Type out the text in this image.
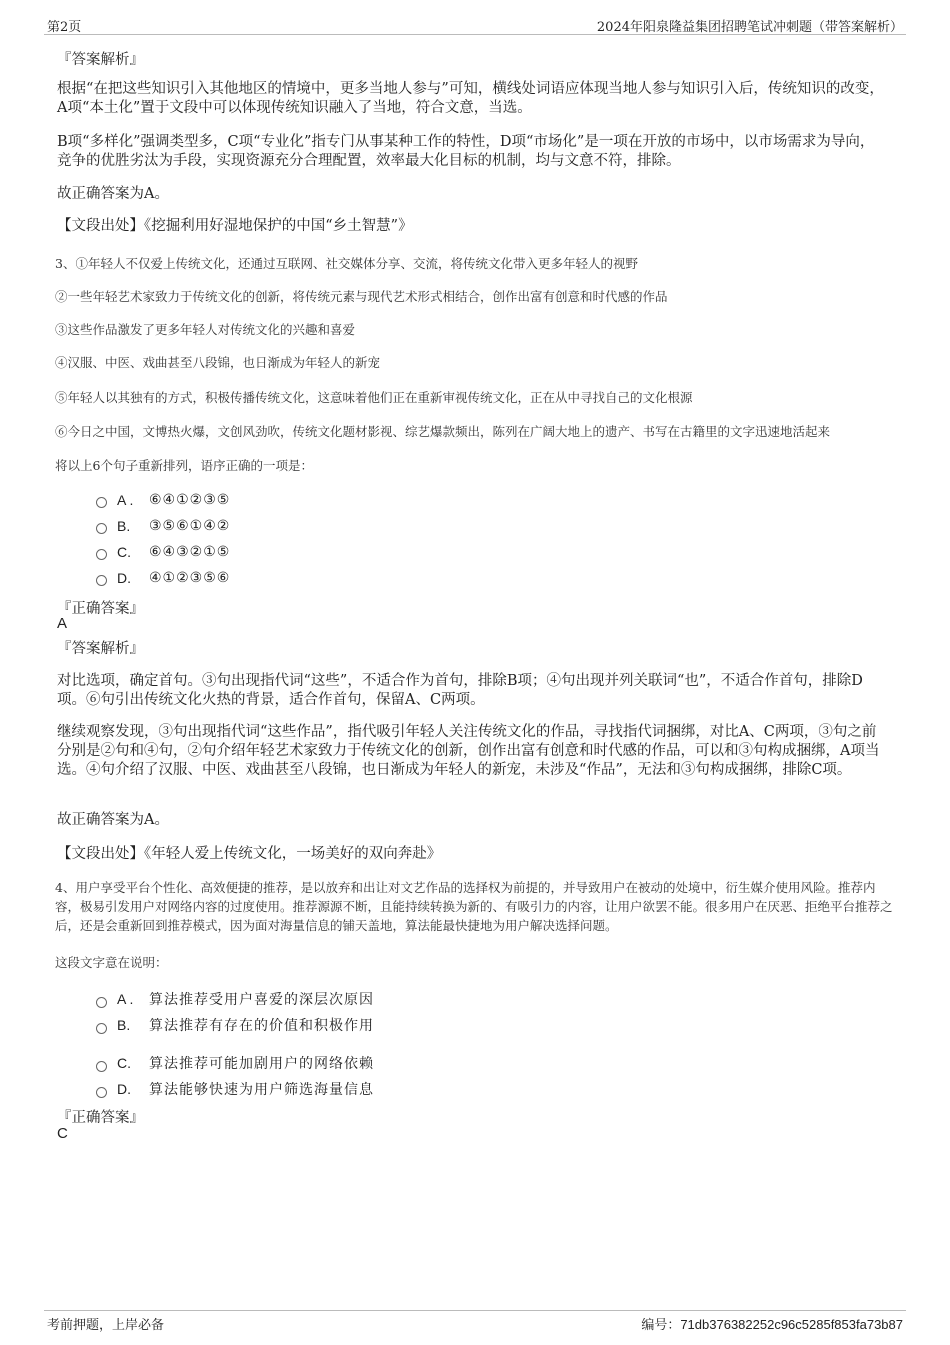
第2页	2024年阳泉隆益集团招聘笔试冲刺题（带答案解析）
『答案解析』
根据“在把这些知识引入其他地区的情境中，更多当地人参与”可知，横线处词语应体现当地人参与知识引入后，传统知识的改变，A项“本土化”置于文段中可以体现传统知识融入了当地，符合文意，当选。
B项“多样化”强调类型多，C项“专业化”指专门从事某种工作的特性，D项“市场化”是一项在开放的市场中，以市场需求为导向，竞争的优胜劣汰为手段，实现资源充分合理配置，效率最大化目标的机制，均与文意不符，排除。
故正确答案为A。
【文段出处】《挖掘利用好湿地保护的中国“乡土智慧”》
3、①年轻人不仅爱上传统文化，还通过互联网、社交媒体分享、交流，将传统文化带入更多年轻人的视野
②一些年轻艺术家致力于传统文化的创新，将传统元素与现代艺术形式相结合，创作出富有创意和时代感的作品
③这些作品激发了更多年轻人对传统文化的兴趣和喜爱
④汉服、中医、戏曲甚至八段锦，也日渐成为年轻人的新宠
⑤年轻人以其独有的方式，积极传播传统文化，这意味着他们正在重新审视传统文化，正在从中寻找自己的文化根源
⑥今日之中国，文博热火爆，文创风劲吹，传统文化题材影视、综艺爆款频出，陈列在广阔大地上的遗产、书写在古籍里的文字迅速地活起来
将以上6个句子重新排列，语序正确的一项是：
A .	⑥④①②③⑤
B.	③⑤⑥①④②
C.	⑥④③②①⑤
D.	④①②③⑤⑥
『正确答案』
A
『答案解析』
对比选项，确定首句。③句出现指代词“这些”，不适合作为首句，排除B项；④句出现并列关联词“也”，不适合作首句，排除D项。⑥句引出传统文化火热的背景，适合作首句，保留A、C两项。
继续观察发现，③句出现指代词“这些作品”，指代吸引年轻人关注传统文化的作品，寻找指代词捆绑，对比A、C两项，③句之前分别是②句和④句，②句介绍年轻艺术家致力于传统文化的创新，创作出富有创意和时代感的作品，可以和③句构成捆绑，A项当选。④句介绍了汉服、中医、戏曲甚至八段锦，也日渐成为年轻人的新宠，未涉及“作品”，无法和③句构成捆绑，排除C项。
故正确答案为A。
【文段出处】《年轻人爱上传统文化，一场美好的双向奔赴》
4、用户享受平台个性化、高效便捷的推荐，是以放弃和出让对文艺作品的选择权为前提的，并导致用户在被动的处境中，衍生媒介使用风险。推荐内容，极易引发用户对网络内容的过度使用。推荐源源不断，且能持续转换为新的、有吸引力的内容，让用户欲罢不能。很多用户在厌恶、拒绝平台推荐之后，还是会重新回到推荐模式，因为面对海量信息的铺天盖地，算法能最快捷地为用户解决选择问题。
这段文字意在说明：
A .	算法推荐受用户喜爱的深层次原因
B.	算法推荐有存在的价值和积极作用
C.	算法推荐可能加剧用户的网络依赖
D.	算法能够快速为用户筛选海量信息
『正确答案』
C
考前押题，上岸必备	编号：71db376382252c96c5285f853fa73b87
